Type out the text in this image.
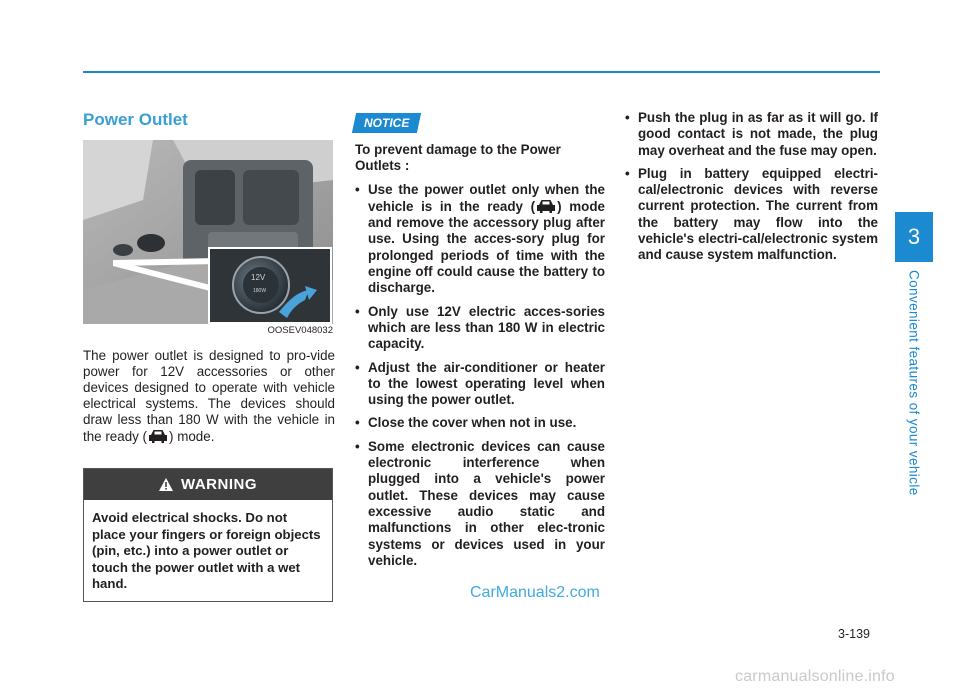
3
Convenient features of your vehicle
Power Outlet
12V
180W
OOSEV048032

The power outlet is designed to pro-vide power for 12V accessories or other devices designed to operate with vehicle electrical systems. The devices should draw less than 180 W with the vehicle in the ready ( ) mode.

WARNING
Avoid electrical shocks. Do not place your fingers or foreign objects (pin, etc.) into a power outlet or touch the power outlet with a wet hand.
NOTICE

To prevent damage to the Power Outlets :

• Use the power outlet only when the vehicle is in the ready ( ) mode and remove the accessory plug after use. Using the acces-sory plug for prolonged periods of time with the engine off could cause the battery to discharge.
• Only use 12V electric acces-sories which are less than 180 W in electric capacity.
• Adjust the air-conditioner or heater to the lowest operating level when using the power outlet.
• Close the cover when not in use.
• Some electronic devices can cause electronic interference when plugged into a vehicle's power outlet. These devices may cause excessive audio static and malfunctions in other elec-tronic systems or devices used in your vehicle.
• Push the plug in as far as it will go. If good contact is not made, the plug may overheat and the fuse may open.
• Plug in battery equipped electri-cal/electronic devices with reverse current protection. The current from the battery may flow into the vehicle's electri-cal/electronic system and cause system malfunction.
CarManuals2.com
3-139
carmanualsonline.info
